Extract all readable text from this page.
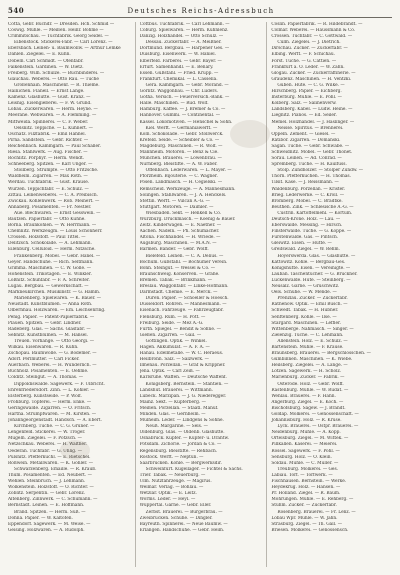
540	Deutsches Reichs-Adressbuch
Cotta, Gebr. Buchdr. — Dresden. Hch. Schmid —
Coswig. Mühle. — Meißen. Heinr. Böhme —
Crimmitschau. — Tuchfabrik. Georg Seidel. —
Eibenstock. Stickerei-Fabr. — Carl Lorenz. —
Ebersbach. Leinen- u. Baumwollw. — Arthur Lemke
Dahlen. Ziegelei. — E. Kühn.
Döbeln. Carl Schmidt. — Ofenfabr.
Falkenstein. Gardinen. — W. Dietz.
Freiberg. Wilh. Schulze. — Buchbinderei. —
Glauchau. Weberei. — Otto Rau. — Tuche
Großenhain. Maschinenf. — R. Thieme.
Hainichen. Flanell. — Ernst Lange.
Kamenz. Glashütte. — Gust. Kranz. —
Leisnig. Eisengießerei. — F. W. Grund.
Löbau. Zuckerwaren. — Herm. Heyne. —
Meerane. Webwaren. — A. Flemming. —
Mittweida. Spinnerei. — C. F. Weber.
Oelsnitz. Teppiche. — L. Kühnert. —
Oschatz. Filzfabrik. — Emil Hähnel.
Pirna. Sandstein. — Gebr. Richter. —
Reichenbach. Kammgarn. — Paul Schaller.
Riesa. Stahlwerk. — Aug. Fischer. —
Rochlitz. Porphyr. — Herm. Wendt.
Schneeberg. Spitzen. — Karl Unger. —
Stollberg. Strümpfe. — Otto Fritzsche.
Waldheim. Zigarren. — Max Roth. —
Werdau. Tuchfabrik. — Gust. Krause.
Wurzen. Teppichfabr. — E. Schulz. —
Zittau. Leinenweberei. — C. A. Preibisch.
Zwickau. Kohlenwerk. — Rob. Meinert. —
Annaberg. Posamenten. — Fr. Nestler.
Aue. Blechwaren. — Ernst Gesswein. —
Bautzen. Papierfabr. — Otto Kühne.
Borna. Braunkohlen. — W. Herrmann. —
Chemnitz. Werkzeugm. — Louis Schönherr.
Crossen. Holzstoff. — Paul Tittel. —
Delitzsch. Schokolade. — A. Lehmann.
Eilenburg. Celluloid. — Herm. Nitzsche.
Frankenberg. Möbel. — Gebr. Hänel. —
Geyer. Handschuhe. — Rich. Seltmann.
Grimma. Maschinen. — C. W. Golle. —
Hohenstein. Trikotagen. — E. Winkler.
Lößnitz. Schuhfabr. — F. A. Schreiter.
Lugau. Bergbau. — Gewerkschaft. —
Markneukirchen. Musikinstr. — G. Hamm.
Marienberg. Spielwaren. — K. Bauer. —
Neustadt. Kunstblumen. — Anna Roth.
Olbernhau. Holzwaren. — Em. Leichsenring.
Penig. Papier. — Patent-Papierfabrik. —
Plauen. Spitzen. — Gebr. Lindner.
Radeberg. Glas. — Sächs. Glasfabr. —
Sebnitz. Kunstblumen. — M. Hänsel.
Treuen. Vorhänge. — Otto Georgi. —
Wilkau. Eisenwaren. — R. Kühn.
Zschopau. Baumwolle. — G. Bodemer. —
Adorf. Perlmutter. — Carl Ficker.
Auerbach. Weberei. — H. Wunderlich. —
Buchholz. Posamenten. — E. Oehme.
Colditz. Steingut. — A. Thomas. —
Dippoldiswalde. Sägewerk. — F. Ulbricht.
Ehrenfriedersdorf. Zinn. — L. Köhler. —
Elsterberg. Kunstseide. — P. Wolf.
Frohburg. Töpferei. — Herm. Enke. —
Geringswalde. Zigarren. — O. Fritsch.
Hartha. Strumpfwaren. — M. Kirsten. —
Johanngeorgenstadt. Handsch. — A. Ebert.
Kirchberg. Tuche. — C. G. Gruner. —
Lengenfeld. Stickerei. — W. Tröger.
Mügeln. Ziegelei. — F. Pötzsch. —
Netzschkau. Weberei. — H. Walther.
Oederan. Tuchfabr. — G. Uhlig. —
Pulsnitz. Pfefferküchl. — E. Rietschel.
Roßwein. Metallwaren. — K. Göhler. —
Schwarzenberg. Emaille. — R. Krauß.
Thum. Posamenten. — Ed. Neubert. —
Wehlen. Steinbruch. — J. Lehmann.
Wolkenstein. Holzstoff. — O. Richter. —
Zöblitz. Serpentin. — Gebr. Lorenz.
Altenberg. Zinnwerk. — C. Schumann. —
Bernstadt. Leinen. — E. Hoffmann.
Brand. Spitzen. — Herm. Süß. —
Dohna. Papier. — W. Kaltofen.
Eppendorf. Sägewerk. — M. Weise. —
Geising. Holzwaren. — A. Rudolph.
Cottbus. Tuchfabrik. — Carl Lehmann. —
Coburg. Spielwaren. — Herm. Kühnlenz.
Danzig. Holzhandel. — Otto Schulz. —
Dessau. Zuckerfabr. — A. Meißner.
Dortmund. Bergbau. — Harpener Ges. —
Duisburg. Eisenwerk. — W. Haniel.
Elberfeld. Färberei. — Gebr. Bayer. —
Erfurt. Samenhandl. — E. Benary.
Essen. Gußstahl. — Fried. Krupp. —
Frankfurt. Chemikal. — L. Cassella.
Gera. Kammgarn. — Gebr. Morand. —
Görlitz. Waggonbau. — Chr. Lüders.
Gotha. Versich. — Feuerversich.-Bank. —
Halle. Maschinen. — Rud. Wolf.
Hamburg. Kaffee. — J. Bremer & Co. —
Hannover. Gummi. — Continental. —
Kassel. Lokomotiven. — Henschel & Sohn.
Kiel. Werft. — Germaniawerft. —
Köln. Schokolade. — Gebr. Stollwerck.
Krefeld. Seide. — Scheibler & Co. —
Magdeburg. Maschinen. — R. Wolf. —
Mannheim. Motoren. — Benz & Cie.
München. Brauerei. — Löwenbräu. —
Nürnberg. Bleistifte. — A. W. Faber.
Offenbach. Lederwaren. — L. Mayer. —
Pforzheim. Bijouterie. — C. Wagner.
Posen. Landmasch. — H. Cegielski. —
Remscheid. Werkzeuge. — A. Mannesmann.
Solingen. Stahlwaren. — J. A. Henckels.
Stettin. Werft. — Vulcan A.-G. —
Stuttgart. Motoren. — Daimler. —
Wiesbaden. Sekt. — Henkell & Co.
Würzburg. Druckmasch. — Koenig & Bauer.
Zeitz. Kinderwagen. — E. Naether. —
Aachen. Nadeln. — Ph. Schumacher.
Altona. Fischhandel. — H. Wriede. —
Augsburg. Maschinen. — M.A.N. —
Barmen. Bänder. — Gebr. Wolff.
Bielefeld. Leinen. — C. A. Delius. —
Bochum. Gußstahl. — Bochumer Verein.
Bonn. Steingut. — Wessel & Co. —
Braunschweig. Konserven. — Grahe.
Bremen. Tabak. — Brinkmann. —
Breslau. Waggonfabr. — Linke-Hofmann.
Darmstadt. Chemie. — E. Merck. —
Düren. Papier. — Schoeller & Hoesch.
Düsseldorf. Röhren. — Mannesmann. —
Eisenach. Fahrzeuge. — Fahrzeugfabr.
Flensburg. Rum. — H. Pott. —
Freiburg. Seide. — Mez A.-G.
Fürth. Spiegel. — Bendit & Söhne. —
Gießen. Zigarren. — Gail. —
Göttingen. Optik. — Winkel.
Hagen. Akkumulat. — A. F. A. —
Hanau. Edelmetalle. — W. C. Heraeus.
Heilbronn. Salz. — Salzwerk. —
Ilmenau. Porzellan. — Gräf & Krippner.
Jena. Optik. — Carl Zeiß. —
Karlsruhe. Waffen. — Deutsche Waffenf.
Königsberg. Bernstein. — Stantien. —
Landshut. Brauerei. — Wittmann.
Lübeck. Marzipan. — J. G. Niederegger.
Mainz. Sekt. — Kupferberg. —
Meißen. Porzellan. — Staatl. Manuf.
Minden. Glas. — Gernheim. —
Mülheim. Leder. — Lindgens & Söhne.
Neuß. Margarine. — Sels. —
Oldenburg. Glas. — Oldenb. Glashütte.
Osnabrück. Kupfer. — Kupfer- u. Drahtw.
Potsdam. Zichorie. — Jordan & Co. —
Regensburg. Bleistifte. — Rehbach.
Rostock. Werft. — Neptun. —
Saarbrücken. Kohle. — Bergwerksdir.
Schweinfurt. Kugellager. — Fichtel & Sachs.
Trier. Tabak. — Neuerburg. —
Ulm. Nutzfahrzeuge. — Magirus.
Weimar. Verlag. — Böhlau. —
Wetzlar. Optik. — E. Leitz.
Worms. Leder. — Heyl. —
Wuppertal. Garne. — Gebr. Eller.
Zerbst. Brauerei. — Bürgerbräu. —
Zweibrücken. Schuhe. — Dingler.
Bayreuth. Spinnerei. — Neue Baumw. —
Erlangen. Handschuhe. — Gebr. Heim.
Cöslin. Papierfabrik. — R. Hildebrandt. —
Colmar. Weberei. — Haussmann & Co.
Crossen. Tuchfabr. — C. Gottwald. —
Culm. Ziegelei. — J. Dietrich.
Dirschau. Zucker. — Zuckerfabr. —
Elbing. Werft. — F. Schichau.
Forst. Tuche. — G. Cattien. —
Frankfurt a. O. Leder. — W. Zahn.
Glogau. Zucker. — Zuckerraffinerie. —
Graudenz. Maschinen. — H. Ventzki.
Guben. Hüte. — C. G. Wilke. —
Hirschberg. Papier. — Eichberg.
Insterburg. Mühle. — E. Pohl. —
Kolberg. Salz. — Salinenverw.
Landsberg. Kabel. — Ludw. Heine. —
Liegnitz. Pianos. — Ed. Seiler.
Memel. Holzhandel. — J. Haslinger. —
Neisse. Spiritus. — Brennerei.
Oppeln. Zement. — Giesel. —
Ratibor. Zigarren. — Domanski.
Sagan. Tuche. — Gebr. Schwabe. —
Schweidnitz. Möbel. — Gebr. Thonet.
Sorau. Leinen. — Ad. Conrad. —
Spremberg. Tuche. — H. Kaulfuss.
Stolp. Zündhölzer. — Stolper Zündw. —
Thorn. Pfefferkuchen. — H. Thomas.
Tilsit. Käse. — J. Reissmann. —
Waldenburg. Porzellan. — Krister.
Brieg. Lederwerke. — C. Kroll. —
Bromberg. Möbel. — C. Bradtke.
Beuthen. Zink. — Schlesische A.-G. —
Cüstrin. Kartoffelmehl. — Kortüm.
Deutsch-Krone. Holz. — Lau. —
Eberswalde. Messing. — Hirsch.
Finsterwalde. Tuche. — G. Koppe. —
Fürstenwalde. Gas. — Pintsch.
Gleiwitz. Eisen. — Hütte. —
Greifswald. Ziegel. — W. Rehm.
Hoyerswerda. Glas. — Glashütte. —
Kattowitz. Kohle. — Bergbau-Ges.
Königshütte. Eisen. — Vereinigte. —
Lauban. Taschentücher. — G. Brückner.
Luckenwalde. Hüte. — Steinberg. —
Neusalz. Garne. — Gruschwitz.
Oels. Schuhe. — W. Mende. —
Prenzlau. Zucker. — Zuckerfabr.
Rathenow. Optik. — Emil Busch. —
Schwedt. Tabak. — H. Hübner.
Senftenberg. Kohle. — Ilse. —
Stargard. Maschinen. — Leffler.
Wittenberge. Nähmasch. — Singer. —
Zielenzig. Tuche. — C. Lehmann.
Allenstein. Holz. — E. Schulz. —
Bartenstein. Mühle. — F. Krause.
Braunsberg. Brauerei. — Bergschlösschen. —
Gumbinnen. Maschinen. — K. Wiebe.
Heilsberg. Ziegelei. — A. Lange. —
Lötzen. Sägewerk. — H. Scholz.
Marienburg. Zucker. — Fabrik. —
Osterode. Holz. — Gebr. Wolff.
Rastenburg. Mühle. — W. Rudat. —
Wehlau. Brauerei. — F. Hahn.
Angerburg. Ziegel. — E. Koch. —
Bischofsburg. Sägew. — J. Brandt.
Goldap. Molkerei. — Genossenschaft. —
Johannisburg. Holz. — R. Kruse.
Lyck. Brauerei. — Ostpr. Brauerei. —
Neidenburg. Mühle. — A. Kopp.
Ortelsburg. Ziegel. — M. Wittek. —
Pillkallen. Käserei. — Meierei.
Rössel. Sägewerk. — F. Pohl. —
Sensburg. Holz. — O. Klein.
Soldau. Mühle. — C. Müller. —
Treuburg. Molkerei. — Ges.
Labiau. Torf. — Torfwerk. —
Fischhausen. Bernstein. — Werke.
Heydekrug. Holz. — Hansen. —
Pr. Holland. Ziegel. — R. Baum.
Mohrungen. Mühle. — E. Rehberg. —
Stuhm. Zucker. — Zuckerfabr.
Rosenberg. Brauerei. — Fr. Lenz. —
Löbau Wpr. Mühle. — W. Jahn.
Strasburg. Ziegel. — Th. Gall. —
Briesen. Molkerei. — Genossensch.
